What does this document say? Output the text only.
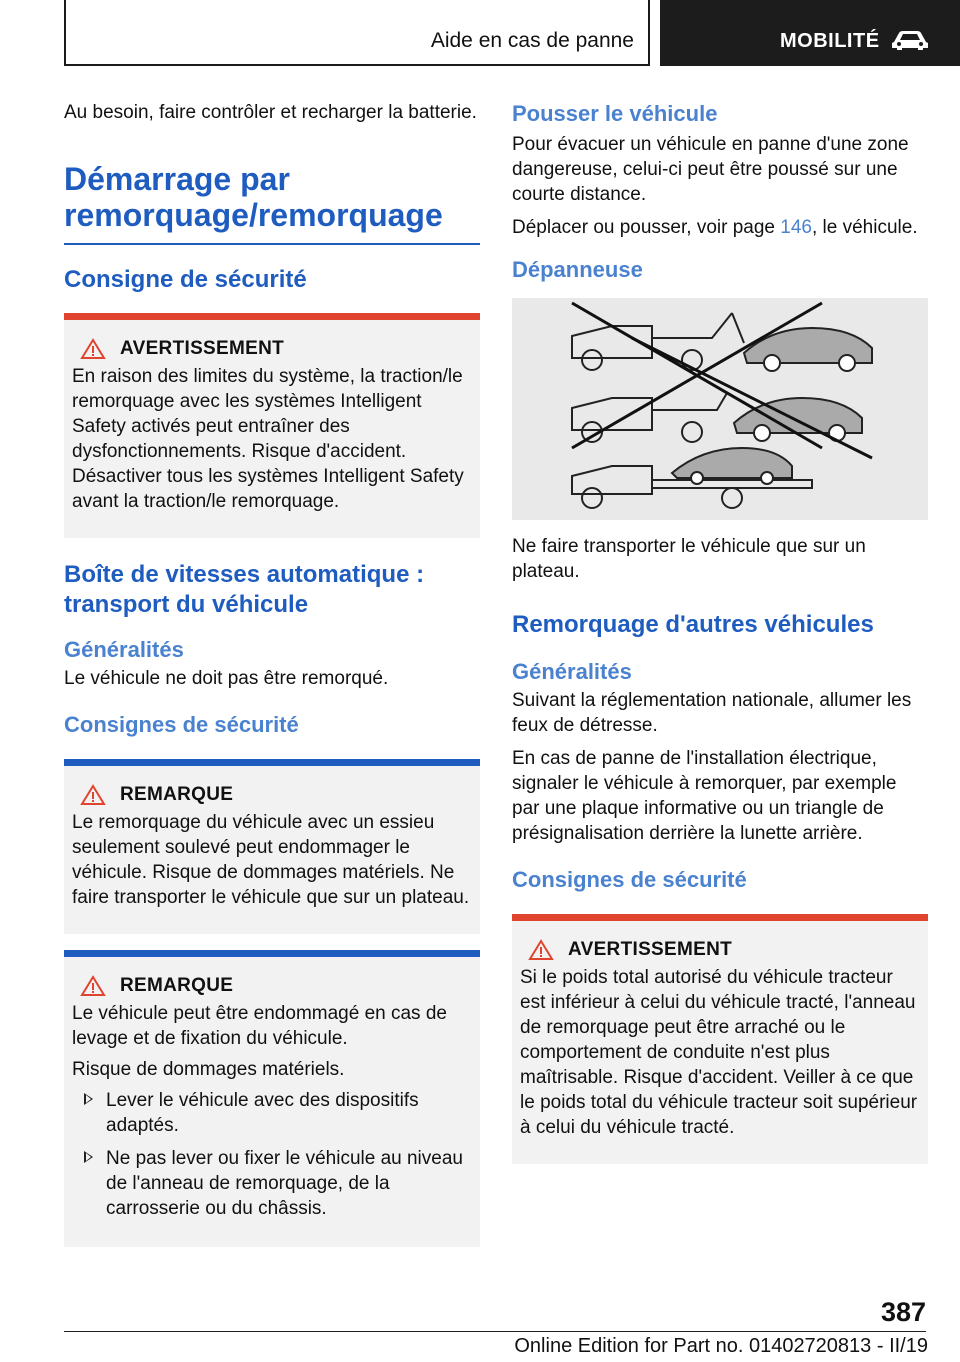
Aide en cas de panne	MOBILITÉ

Au besoin, faire contrôler et recharger la batterie.

Démarrage par remorquage/remorquage
Consigne de sécurité
AVERTISSEMENT

En raison des limites du système, la traction/le remorquage avec les systèmes Intelligent Safety activés peut entraîner des dysfonctionnements. Risque d'accident. Désactiver tous les systèmes Intelligent Safety avant la traction/le remorquage.

Boîte de vitesses automatique : transport du véhicule
Généralités

Le véhicule ne doit pas être remorqué.

Consignes de sécurité
REMARQUE

Le remorquage du véhicule avec un essieu seulement soulevé peut endommager le véhicule. Risque de dommages matériels. Ne faire transporter le véhicule que sur un plateau.

REMARQUE

Le véhicule peut être endommagé en cas de levage et de fixation du véhicule.

Risque de dommages matériels.

Lever le véhicule avec des dispositifs adaptés.
Ne pas lever ou fixer le véhicule au niveau de l'anneau de remorquage, de la carrosserie ou du châssis.
Pousser le véhicule

Pour évacuer un véhicule en panne d'une zone dangereuse, celui-ci peut être poussé sur une courte distance.

Déplacer ou pousser, voir page 146, le véhicule.

Dépanneuse

Ne faire transporter le véhicule que sur un plateau.

Remorquage d'autres véhicules
Généralités

Suivant la réglementation nationale, allumer les feux de détresse.

En cas de panne de l'installation électrique, signaler le véhicule à remorquer, par exemple par une plaque informative ou un triangle de présignalisation derrière la lunette arrière.

Consignes de sécurité
AVERTISSEMENT

Si le poids total autorisé du véhicule tracteur est inférieur à celui du véhicule tracté, l'anneau de remorquage peut être arraché ou le comportement de conduite n'est plus maîtrisable. Risque d'accident. Veiller à ce que le poids total du véhicule tracteur soit supérieur à celui du véhicule tracté.

387
Online Edition for Part no. 01402720813 - II/19
